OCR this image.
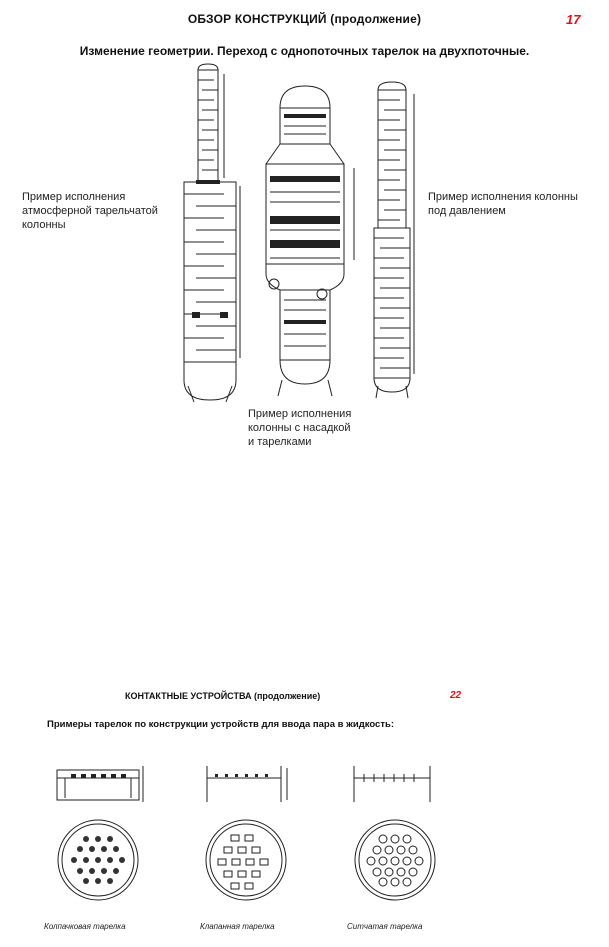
ОБЗОР КОНСТРУКЦИЙ (продолжение)	17
Изменение геометрии. Переход с однопоточных тарелок на двухпоточные.
Пример исполнения
атмосферной тарельчатой
колонны
Пример исполнения колонны
под давлением
Пример исполнения
колонны с насадкой
и тарелками
КОНТАКТНЫЕ УСТРОЙСТВА (продолжение)	22
Примеры тарелок по конструкции устройств для ввода пара в жидкость:
Колпачковая тарелка	Клапанная тарелка	Ситчатая тарелка
